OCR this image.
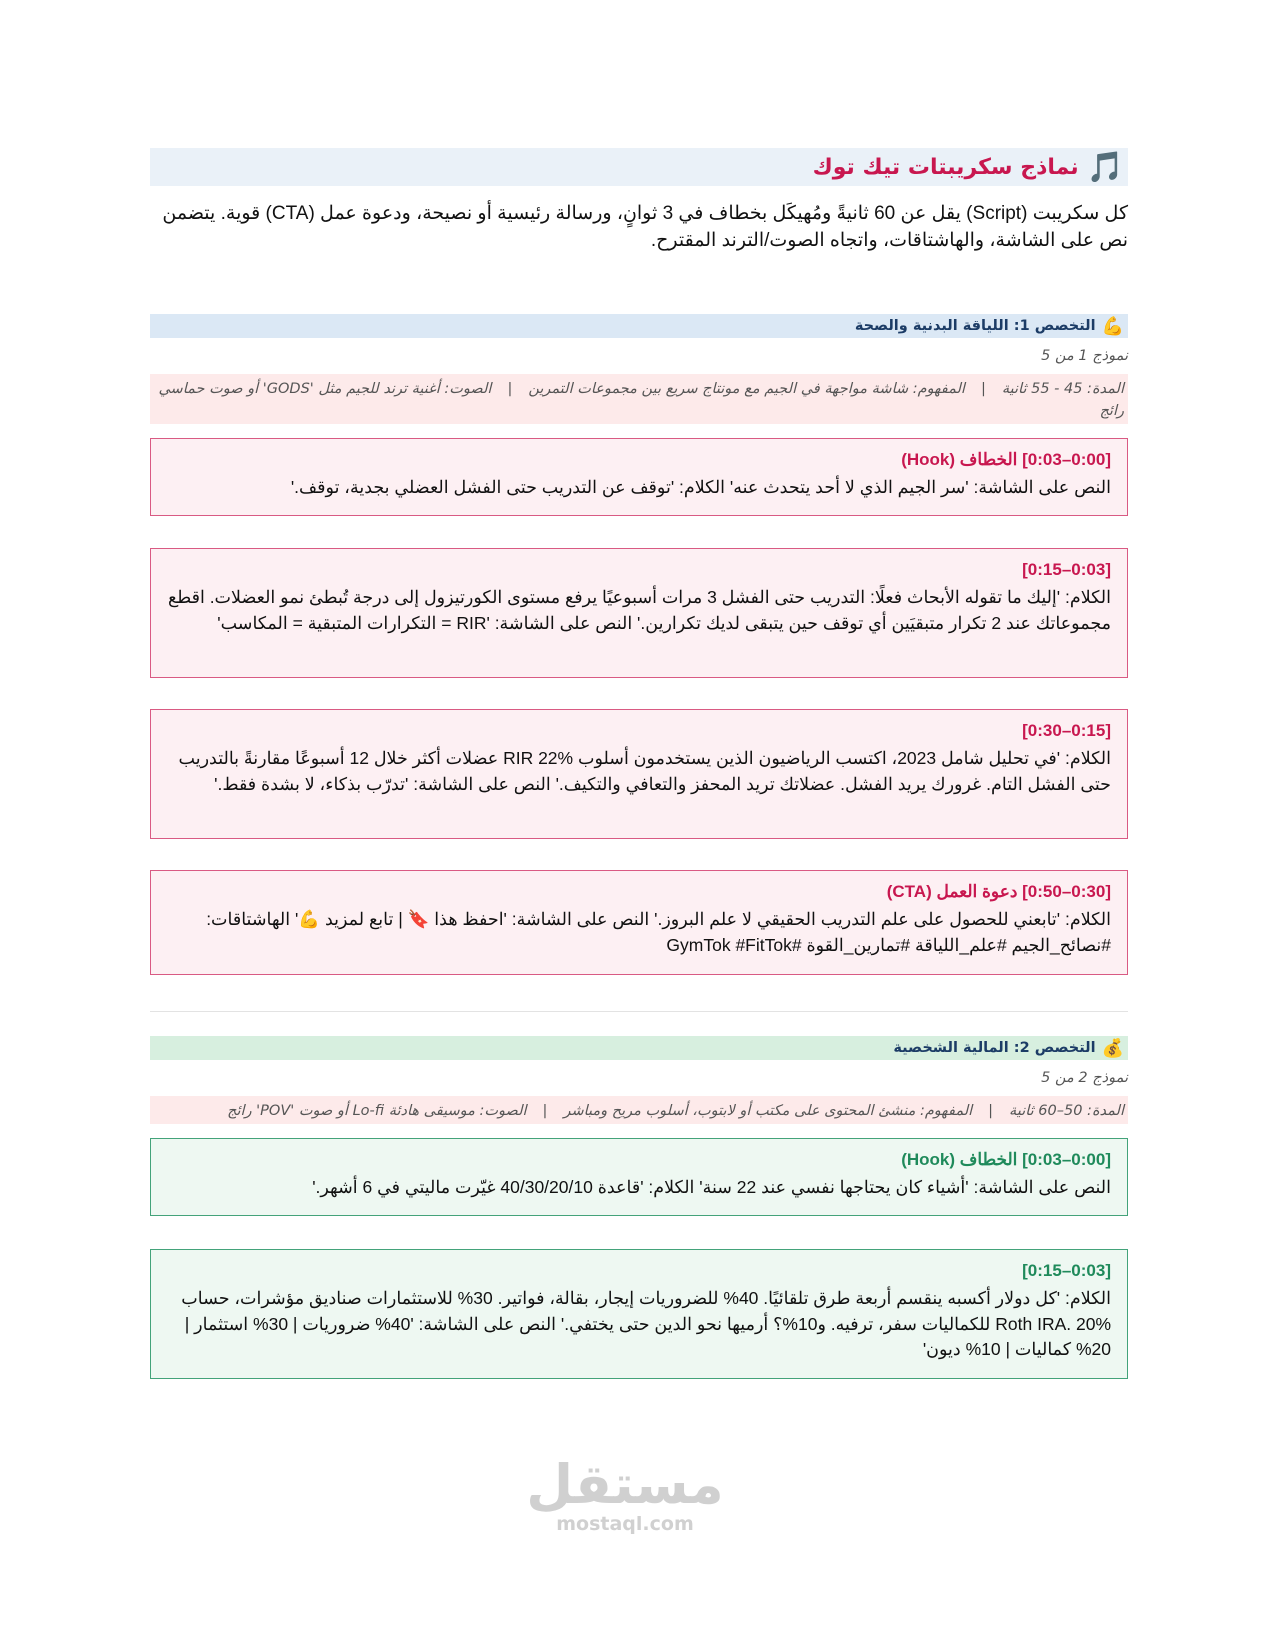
🎵
نماذج سكريبتات تيك توك
كل سكريبت (Script) يقل عن 60 ثانيةً ومُهيكَل بخطاف في 3 ثوانٍ، ورسالة رئيسية أو نصيحة، ودعوة عمل (CTA) قوية. يتضمن نص على الشاشة، والهاشتاقات، واتجاه الصوت/الترند المقترح.
💪
التخصص 1: اللياقة البدنية والصحة
نموذج 1 من 5
المدة: 45 - 55 ثانية|المفهوم: شاشة مواجهة في الجيم مع مونتاج سريع بين مجموعات التمرين|الصوت: أغنية ترند للجيم مثل 'GODS' أو صوت حماسي رائج
[0:00–0:03] الخطاف (Hook)
النص على الشاشة: 'سر الجيم الذي لا أحد يتحدث عنه' الكلام: 'توقف عن التدريب حتى الفشل العضلي بجدية، توقف.'
[0:03–0:15]
الكلام: 'إليك ما تقوله الأبحاث فعلًا: التدريب حتى الفشل 3 مرات أسبوعيًا يرفع مستوى الكورتيزول إلى درجة تُبطئ نمو العضلات. اقطع مجموعاتك عند 2 تكرار متبقيَين أي توقف حين يتبقى لديك تكرارين.' النص على الشاشة: 'RIR = التكرارات المتبقية = المكاسب'
[0:15–0:30]
الكلام: 'في تحليل شامل 2023، اكتسب الرياضيون الذين يستخدمون أسلوب RIR 22% عضلات أكثر خلال 12 أسبوعًا مقارنةً بالتدريب حتى الفشل التام. غرورك يريد الفشل. عضلاتك تريد المحفز والتعافي والتكيف.' النص على الشاشة: 'تدرّب بذكاء، لا بشدة فقط.'
[0:30–0:50] دعوة العمل (CTA)
الكلام: 'تابعني للحصول على علم التدريب الحقيقي لا علم البروز.' النص على الشاشة: 'احفظ هذا 🔖 | تابع لمزيد 💪' الهاشتاقات: #نصائح_الجيم #علم_اللياقة #تمارين_القوة #GymTok #FitTok
💰
التخصص 2: المالية الشخصية
نموذج 2 من 5
المدة: 50–60 ثانية|المفهوم: منشئ المحتوى على مكتب أو لابتوب، أسلوب مريح ومباشر|الصوت: موسيقى هادئة Lo-fi أو صوت 'POV' رائج
[0:00–0:03] الخطاف (Hook)
النص على الشاشة: 'أشياء كان يحتاجها نفسي عند 22 سنة' الكلام: 'قاعدة 40/30/20/10 غيّرت ماليتي في 6 أشهر.'
[0:03–0:15]
الكلام: 'كل دولار أكسبه ينقسم أربعة طرق تلقائيًا. 40% للضروريات إيجار، بقالة، فواتير. 30% للاستثمارات صناديق مؤشرات، حساب Roth IRA. 20% للكماليات سفر، ترفيه. و10%؟ أرميها نحو الدين حتى يختفي.' النص على الشاشة: '40% ضروريات | 30% استثمار | 20% كماليات | 10% ديون'
مستقل
mostaql.com
